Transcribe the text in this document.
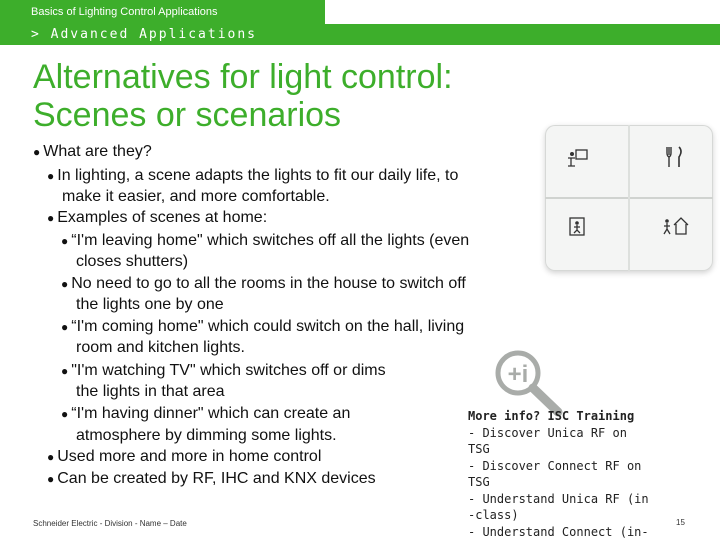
Basics of Lighting Control Applications
> Advanced Applications
Alternatives for light control:
Scenes or scenarios
● What are they?
● In lighting, a scene adapts the lights to fit our daily life, to
make it easier, and more comfortable.
● Examples of scenes at home:
● “I'm leaving home" which switches off all the lights (even
closes shutters)
● No need to go to all the rooms in the house to switch off
the lights one by one
● “I'm coming home" which could switch on the hall, living
room and kitchen lights.
● "I'm watching TV" which switches off or dims
the lights in that area
● “I'm having dinner" which can create an
atmosphere by dimming some lights.
● Used more and more in home control
● Can be created by RF, IHC and KNX devices
+i
More info? ISC Training
- Discover Unica RF on
TSG
- Discover Connect RF on
TSG
- Understand Unica RF (in
-class)
- Understand Connect (in-
Schneider Electric - Division - Name – Date	15
